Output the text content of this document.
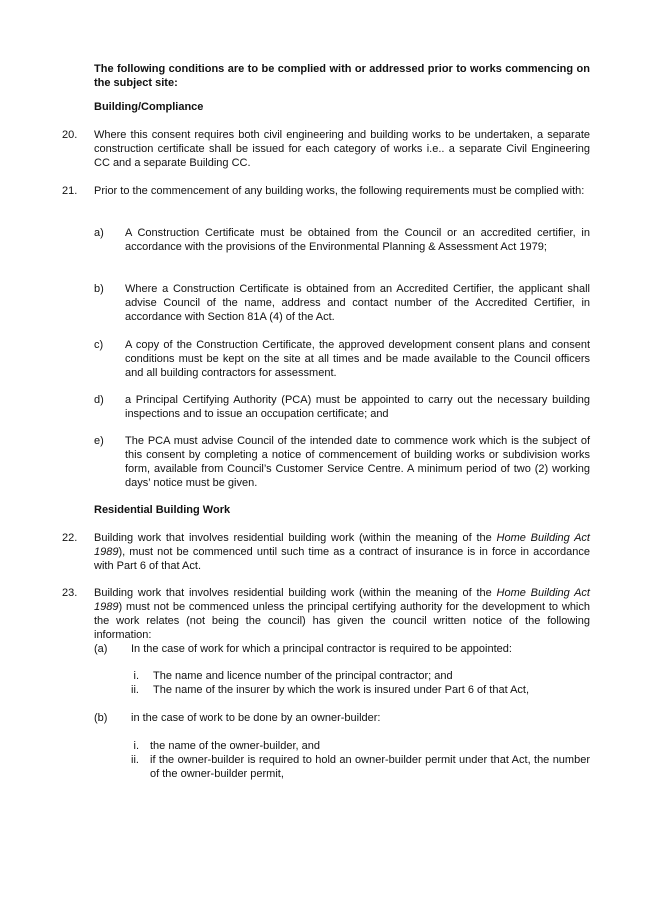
The following conditions are to be complied with or addressed prior to works commencing on the subject site:

Building/Compliance

20. Where this consent requires both civil engineering and building works to be undertaken, a separate construction certificate shall be issued for each category of works i.e.. a separate Civil Engineering CC and a separate Building CC.

21. Prior to the commencement of any building works, the following requirements must be complied with:

a) A Construction Certificate must be obtained from the Council or an accredited certifier, in accordance with the provisions of the Environmental Planning & Assessment Act 1979;

b) Where a Construction Certificate is obtained from an Accredited Certifier, the applicant shall advise Council of the name, address and contact number of the Accredited Certifier, in accordance with Section 81A (4) of the Act.

c) A copy of the Construction Certificate, the approved development consent plans and consent conditions must be kept on the site at all times and be made available to the Council officers and all building contractors for assessment.

d) a Principal Certifying Authority (PCA) must be appointed to carry out the necessary building inspections and to issue an occupation certificate; and

e) The PCA must advise Council of the intended date to commence work which is the subject of this consent by completing a notice of commencement of building works or subdivision works form, available from Council’s Customer Service Centre. A minimum period of two (2) working days’ notice must be given.

Residential Building Work

22. Building work that involves residential building work (within the meaning of the Home Building Act 1989), must not be commenced until such time as a contract of insurance is in force in accordance with Part 6 of that Act.

23. Building work that involves residential building work (within the meaning of the Home Building Act 1989) must not be commenced unless the principal certifying authority for the development to which the work relates (not being the council) has given the council written notice of the following information:

(a) In the case of work for which a principal contractor is required to be appointed:

i. The name and licence number of the principal contractor; and

ii. The name of the insurer by which the work is insured under Part 6 of that Act,

(b) in the case of work to be done by an owner-builder:

i. the name of the owner-builder, and

ii. if the owner-builder is required to hold an owner-builder permit under that Act, the number of the owner-builder permit,
